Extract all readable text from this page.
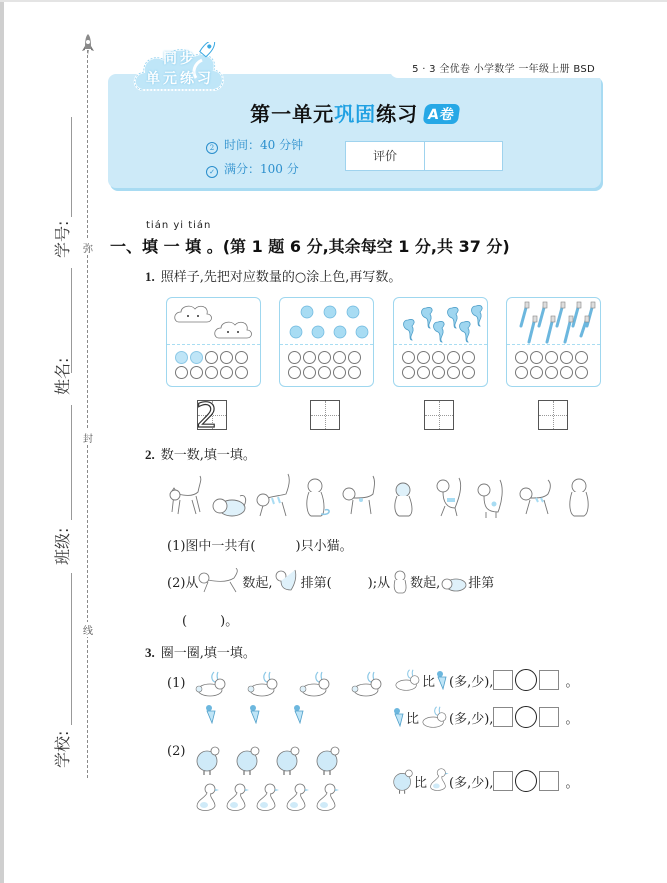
弥
封
线
学号:
姓名:
班级:
学校:
5 · 3 全优卷 小学数学 一年级上册 BSD
同步
单元练习
第一单元巩固练习 A卷
2 时间：40 分钟
✓ 满分：100 分
评价
tián yi tián
一、填 一 填 。(第 1 题 6 分,其余每空 1 分,共 37 分)
1. 照样子,先把对应数量的○涂上色,再写数。
2
2. 数一数,填一填。
(1)图中一共有(	)只小猫。
(2)从	数起, 排第(	);从 数起, 排第
(        )。
3. 圈一圈,填一填。
(1)
(2)
比 (多,少),	。
比 (多,少),	。
比 (多,少),	。
